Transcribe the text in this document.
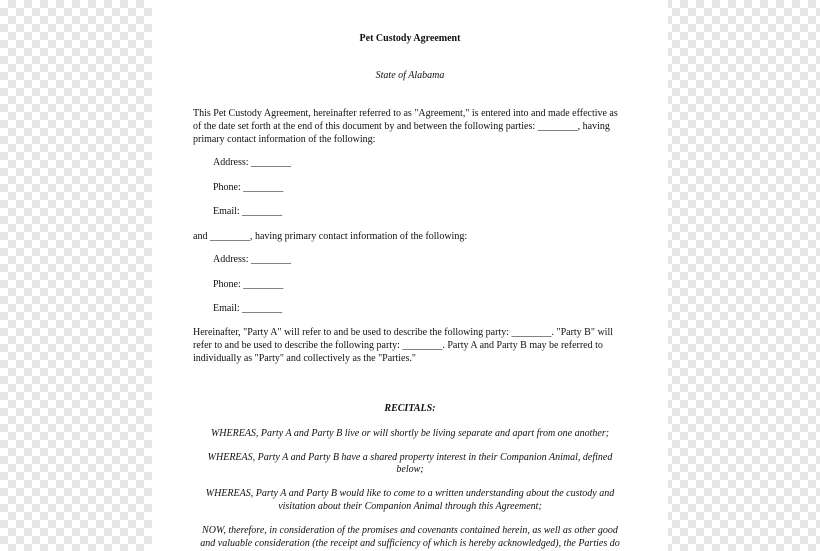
Pet Custody Agreement

State of Alabama

This Pet Custody Agreement, hereinafter referred to as "Agreement," is entered into and made effective as

of the date set forth at the end of this document by and between the following parties: ________, having

primary contact information of the following:

Address: ________

Phone: ________

Email: ________

and ________, having primary contact information of the following:

Address: ________

Phone: ________

Email: ________

Hereinafter, "Party A" will refer to and be used to describe the following party: ________. "Party B" will

refer to and be used to describe the following party: ________. Party A and Party B may be referred to

individually as "Party" and collectively as the "Parties."

RECITALS:

WHEREAS, Party A and Party B live or will shortly be living separate and apart from one another;

WHEREAS, Party A and Party B have a shared property interest in their Companion Animal, defined

below;

WHEREAS, Party A and Party B would like to come to a written understanding about the custody and

visitation about their Companion Animal through this Agreement;

NOW, therefore, in consideration of the promises and covenants contained herein, as well as other good

and valuable consideration (the receipt and sufficiency of which is hereby acknowledged), the Parties do
